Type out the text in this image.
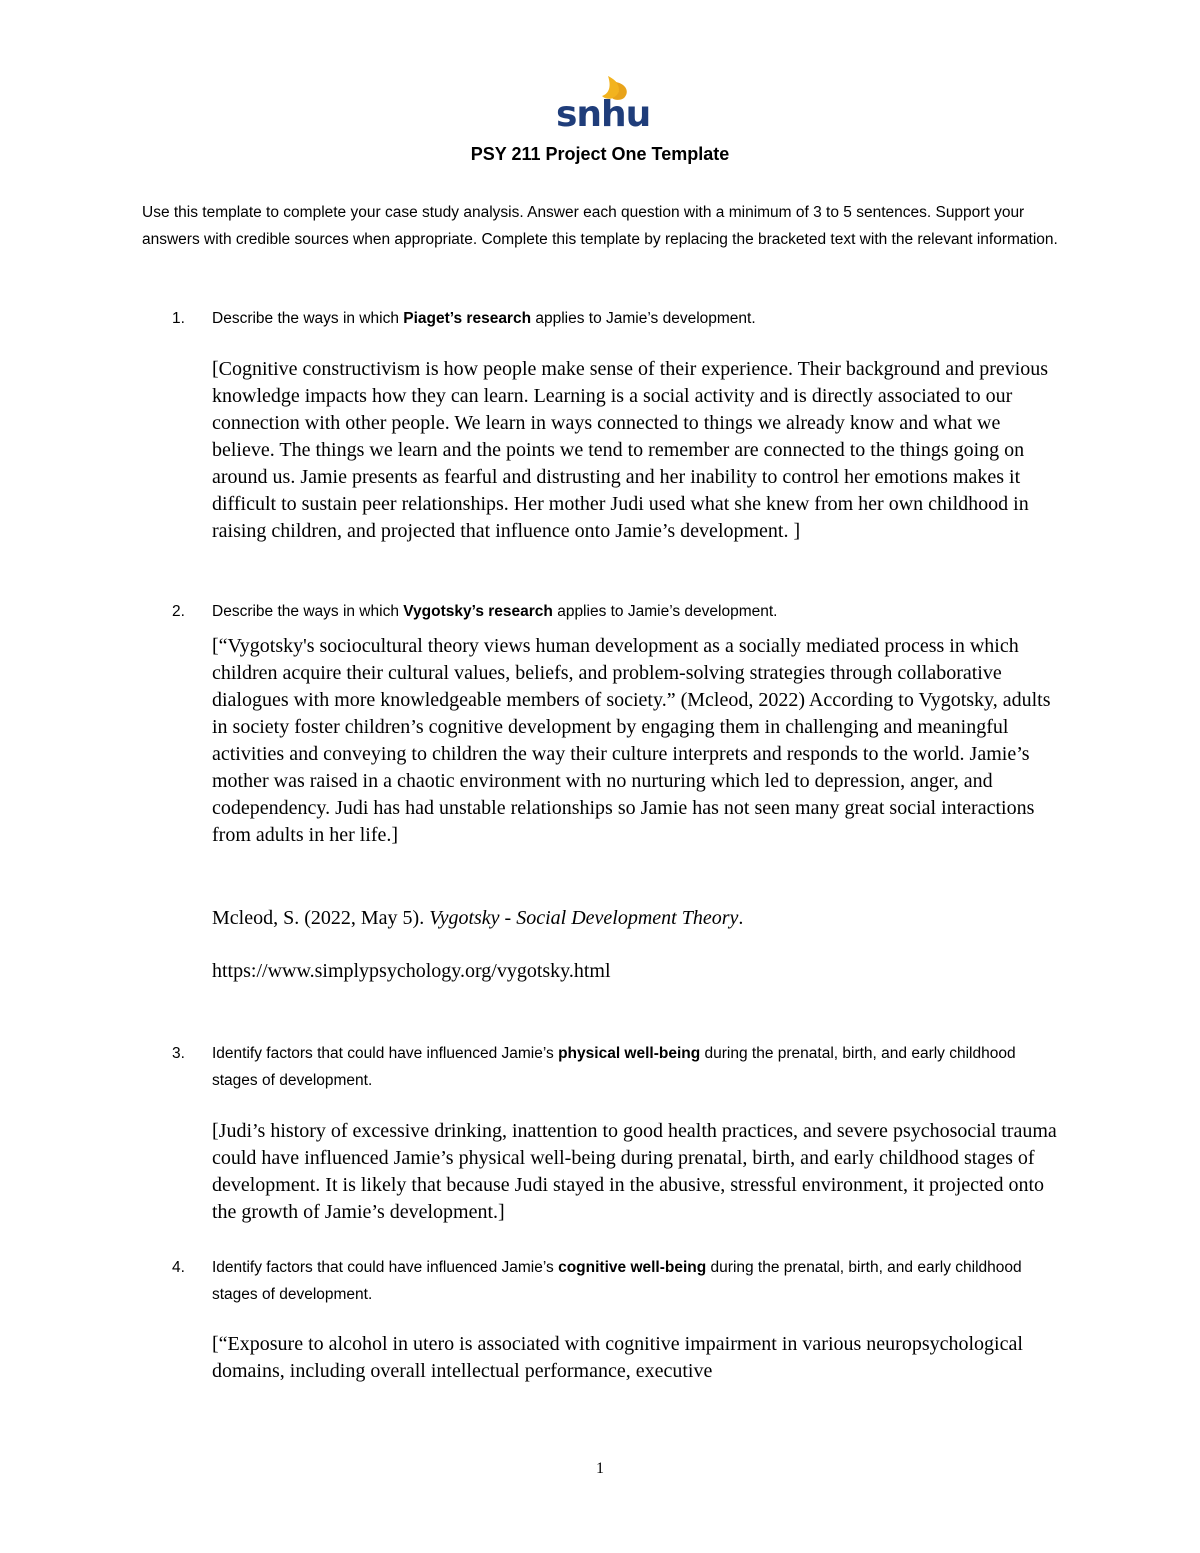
snhu
PSY 211 Project One Template
Use this template to complete your case study analysis. Answer each question with a minimum of 3 to 5 sentences. Support your answers with credible sources when appropriate. Complete this template by replacing the bracketed text with the relevant information.
1. Describe the ways in which Piaget’s research applies to Jamie’s development.
[Cognitive constructivism is how people make sense of their experience. Their background and previous knowledge impacts how they can learn. Learning is a social activity and is directly associated to our connection with other people. We learn in ways connected to things we already know and what we believe. The things we learn and the points we tend to remember are connected to the things going on around us. Jamie presents as fearful and distrusting and her inability to control her emotions makes it difficult to sustain peer relationships. Her mother Judi used what she knew from her own childhood in raising children, and projected that influence onto Jamie’s development. ]
2. Describe the ways in which Vygotsky’s research applies to Jamie’s development.
[“Vygotsky's sociocultural theory views human development as a socially mediated process in which children acquire their cultural values, beliefs, and problem-solving strategies through collaborative dialogues with more knowledgeable members of society.” (Mcleod, 2022) According to Vygotsky, adults in society foster children’s cognitive development by engaging them in challenging and meaningful activities and conveying to children the way their culture interprets and responds to the world. Jamie’s mother was raised in a chaotic environment with no nurturing which led to depression, anger, and codependency. Judi has had unstable relationships so Jamie has not seen many great social interactions from adults in her life.]
Mcleod, S. (2022, May 5). Vygotsky - Social Development Theory.
https://www.simplypsychology.org/vygotsky.html
3. Identify factors that could have influenced Jamie’s physical well-being during the prenatal, birth, and early childhood stages of development.
[Judi’s history of excessive drinking, inattention to good health practices, and severe psychosocial trauma could have influenced Jamie’s physical well-being during prenatal, birth, and early childhood stages of development. It is likely that because Judi stayed in the abusive, stressful environment, it projected onto the growth of Jamie’s development.]
4. Identify factors that could have influenced Jamie’s cognitive well-being during the prenatal, birth, and early childhood stages of development.
[“Exposure to alcohol in utero is associated with cognitive impairment in various neuropsychological domains, including overall intellectual performance, executive
1
